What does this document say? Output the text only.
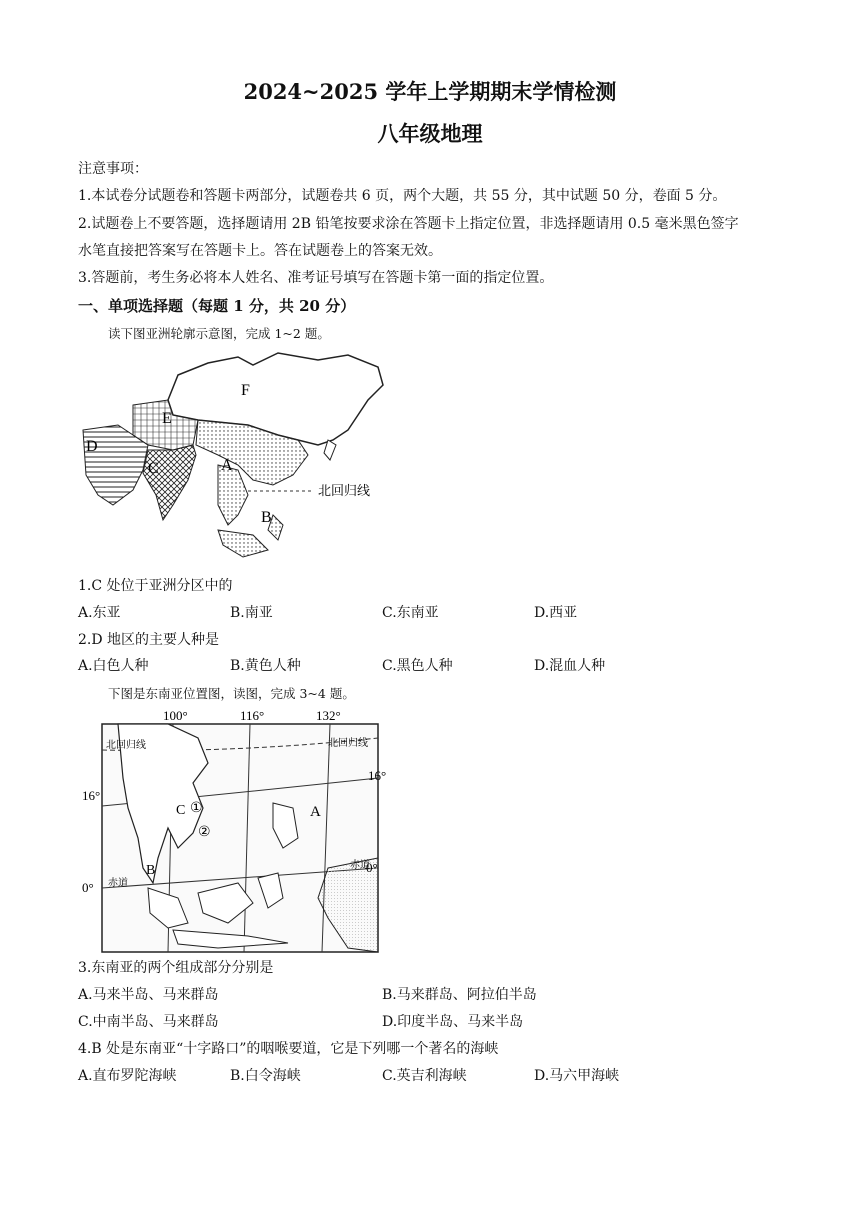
2024~2025 学年上学期期末学情检测
八年级地理
注意事项：
1.本试卷分试题卷和答题卡两部分，试题卷共 6 页，两个大题，共 55 分，其中试题 50 分，卷面 5 分。
2.试题卷上不要答题，选择题请用 2B 铅笔按要求涂在答题卡上指定位置，非选择题请用 0.5 毫米黑色签字
水笔直接把答案写在答题卡上。答在试题卷上的答案无效。
3.答题前，考生务必将本人姓名、准考证号填写在答题卡第一面的指定位置。
一、单项选择题（每题 1 分，共 20 分）
读下图亚洲轮廓示意图，完成 1~2 题。
北回归线
F
E
D
C	A
B
1.C 处位于亚洲分区中的
A.东亚	B.南亚	C.东南亚	D.西亚
2.D 地区的主要人种是
A.白色人种	B.黄色人种	C.黑色人种	D.混血人种
下图是东南亚位置图，读图，完成 3~4 题。
100°	116°	132°
16°
0°
16°
0°
北回归线	北回归线
赤道
赤道
C ①
②
A
B
3.东南亚的两个组成部分分别是
A.马来半岛、马来群岛	B.马来群岛、阿拉伯半岛
C.中南半岛、马来群岛	D.印度半岛、马来半岛
4.B 处是东南亚“十字路口”的咽喉要道，它是下列哪一个著名的海峡
A.直布罗陀海峡	B.白令海峡	C.英吉利海峡	D.马六甲海峡
